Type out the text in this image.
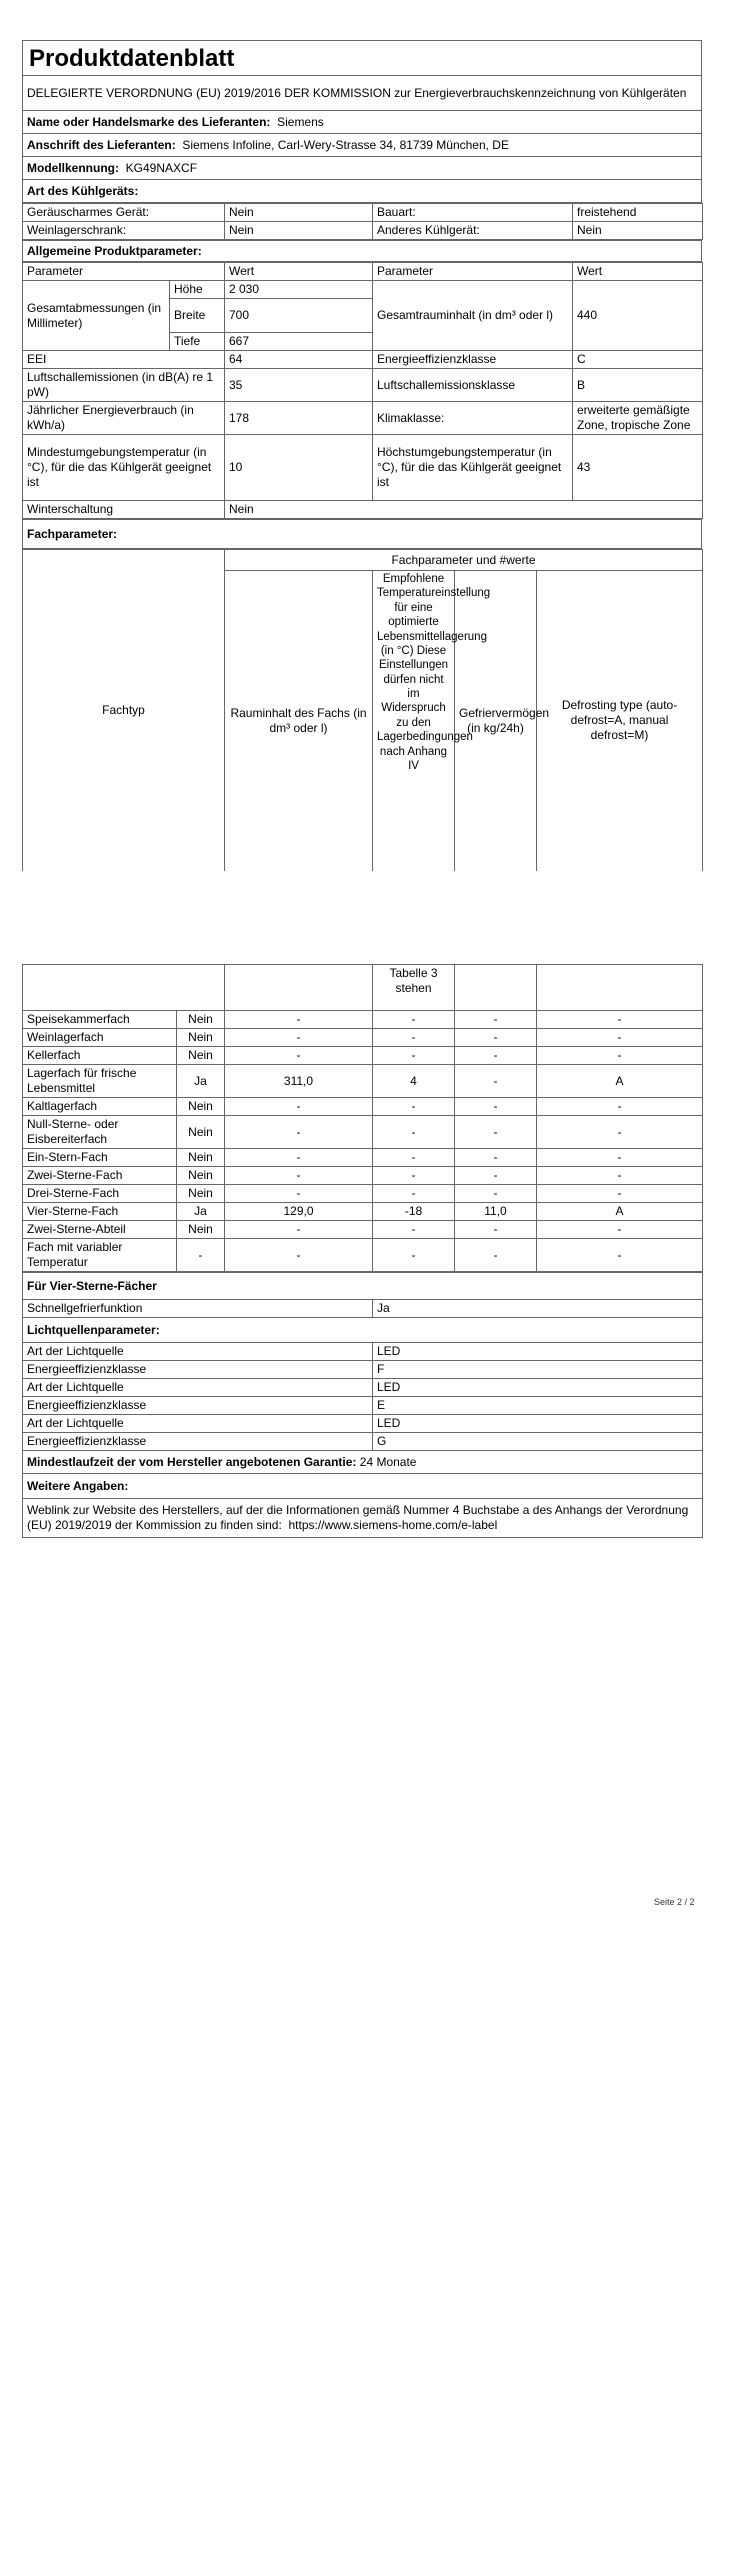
Produktdatenblatt
DELEGIERTE VERORDNUNG (EU) 2019/2016 DER KOMMISSION zur Energieverbrauchskennzeichnung von Kühlgeräten
Name oder Handelsmarke des Lieferanten: Siemens
Anschrift des Lieferanten: Siemens Infoline, Carl-Wery-Strasse 34, 81739 München, DE
Modellkennung: KG49NAXCF
Art des Kühlgeräts:
Geräuscharmes Gerät:	Nein	Bauart:	freistehend
Weinlagerschrank:	Nein	Anderes Kühlgerät:	Nein
Allgemeine Produktparameter:
Parameter		Wert	Parameter	Wert
Gesamtabmessungen (in Millimeter)	Höhe	2 030	Gesamtrauminhalt (in dm³ oder l)	440
	Breite	700		
	Tiefe	667		
EEI		64	Energieeffizienzklasse	C
Luftschallemissionen (in dB(A) re 1 pW)		35	Luftschallemissionsklasse	B
Jährlicher Energieverbrauch (in kWh/a)		178	Klimaklasse:	erweiterte gemäßigte Zone, tropische Zone
Mindestumgebungstemperatur (in °C), für die das Kühlgerät geeignet ist		10	Höchstumgebungstemperatur (in °C), für die das Kühlgerät geeignet ist	43
Winterschaltung		Nein		
Fachparameter:
Fachtyp	Fachparameter und #werte			
	Rauminhalt des Fachs (in dm³ oder l)	Empfohlene Temperatureinstellung für eine optimierte Lebensmittellagerung (in °C) Diese Einstellungen dürfen nicht im Widerspruch zu den Lagerbedingungen nach Anhang IV	Gefriervermögen (in kg/24h)	Defrosting type (auto-defrost=A, manual defrost=M)
			Tabelle 3 stehen		
Speisekammerfach	Nein	-	-	-	-
Weinlagerfach	Nein	-	-	-	-
Kellerfach	Nein	-	-	-	-
Lagerfach für frische Lebensmittel	Ja	311,0	4	-	A
Kaltlagerfach	Nein	-	-	-	-
Null-Sterne- oder Eisbereiterfach	Nein	-	-	-	-
Ein-Stern-Fach	Nein	-	-	-	-
Zwei-Sterne-Fach	Nein	-	-	-	-
Drei-Sterne-Fach	Nein	-	-	-	-
Vier-Sterne-Fach	Ja	129,0	-18	11,0	A
Zwei-Sterne-Abteil	Nein	-	-	-	-
Fach mit variabler Temperatur	-	-	-	-	-
Für Vier-Sterne-Fächer	
Schnellgefrierfunktion	Ja
Lichtquellenparameter:	
Art der Lichtquelle	LED
Energieeffizienzklasse	F
Art der Lichtquelle	LED
Energieeffizienzklasse	E
Art der Lichtquelle	LED
Energieeffizienzklasse	G
Mindestlaufzeit der vom Hersteller angebotenen Garantie: 24 Monate	
Weitere Angaben:	
Weblink zur Website des Herstellers, auf der die Informationen gemäß Nummer 4 Buchstabe a des Anhangs der Verordnung (EU) 2019/2019 der Kommission zu finden sind: https://www.siemens-home.com/e-label	
Seite 2 / 2
